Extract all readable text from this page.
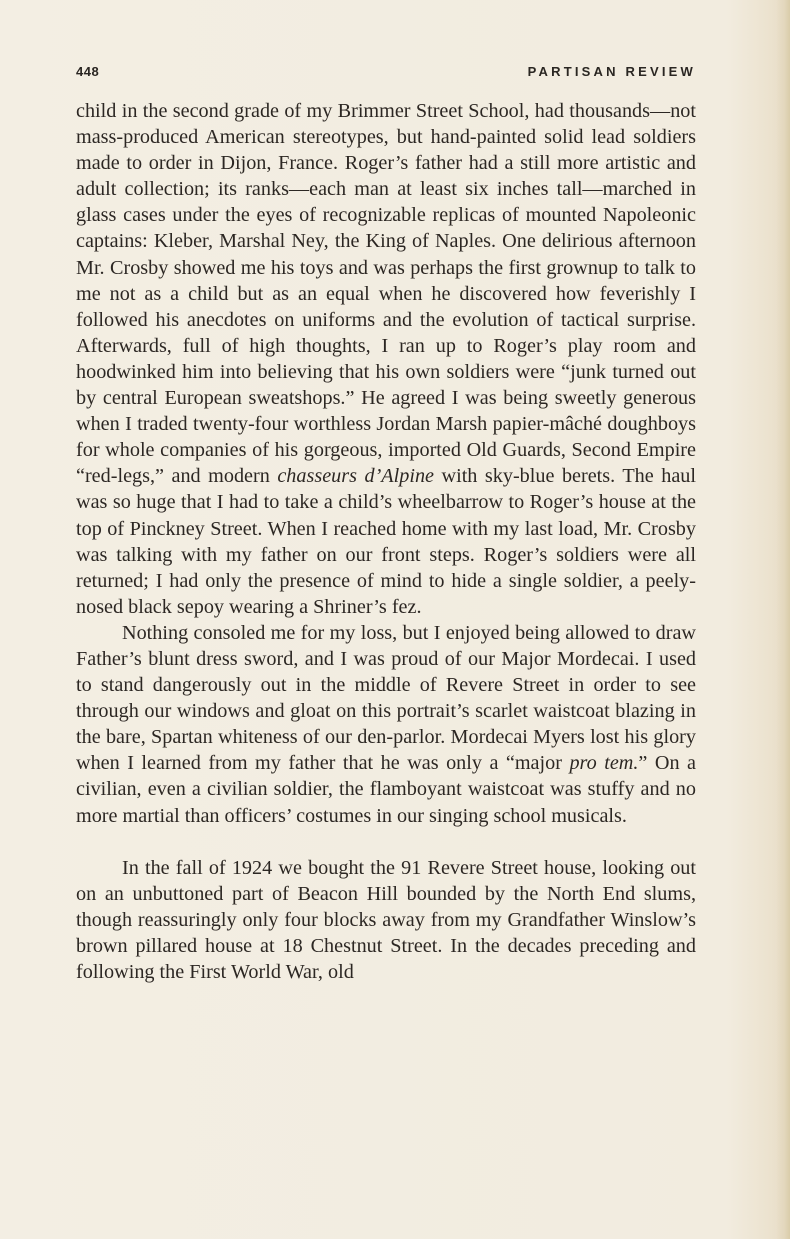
448	PARTISAN REVIEW

child in the second grade of my Brimmer Street School, had thousands—not mass-produced American stereotypes, but hand-painted solid lead soldiers made to order in Dijon, France. Roger’s father had a still more artistic and adult collection; its ranks—each man at least six inches tall—marched in glass cases under the eyes of recognizable replicas of mounted Napoleonic captains: Kleber, Marshal Ney, the King of Naples. One delirious afternoon Mr. Crosby showed me his toys and was perhaps the first grownup to talk to me not as a child but as an equal when he discovered how feverishly I followed his anecdotes on uniforms and the evolution of tactical surprise. Afterwards, full of high thoughts, I ran up to Roger’s play room and hoodwinked him into believing that his own soldiers were “junk turned out by central European sweatshops.” He agreed I was being sweetly generous when I traded twenty-four worthless Jordan Marsh papier-mâché doughboys for whole companies of his gorgeous, imported Old Guards, Second Empire “red-legs,” and modern chasseurs d’Alpine with sky-blue berets. The haul was so huge that I had to take a child’s wheelbarrow to Roger’s house at the top of Pinckney Street. When I reached home with my last load, Mr. Crosby was talking with my father on our front steps. Roger’s soldiers were all returned; I had only the presence of mind to hide a single soldier, a peely-nosed black sepoy wearing a Shriner’s fez.

Nothing consoled me for my loss, but I enjoyed being allowed to draw Father’s blunt dress sword, and I was proud of our Major Mordecai. I used to stand dangerously out in the middle of Revere Street in order to see through our windows and gloat on this portrait’s scarlet waistcoat blazing in the bare, Spartan whiteness of our den-parlor. Mordecai Myers lost his glory when I learned from my father that he was only a “major pro tem.” On a civilian, even a civilian soldier, the flamboyant waistcoat was stuffy and no more martial than officers’ costumes in our singing school musicals.

In the fall of 1924 we bought the 91 Revere Street house, looking out on an unbuttoned part of Beacon Hill bounded by the North End slums, though reassuringly only four blocks away from my Grandfather Winslow’s brown pillared house at 18 Chestnut Street. In the decades preceding and following the First World War, old
